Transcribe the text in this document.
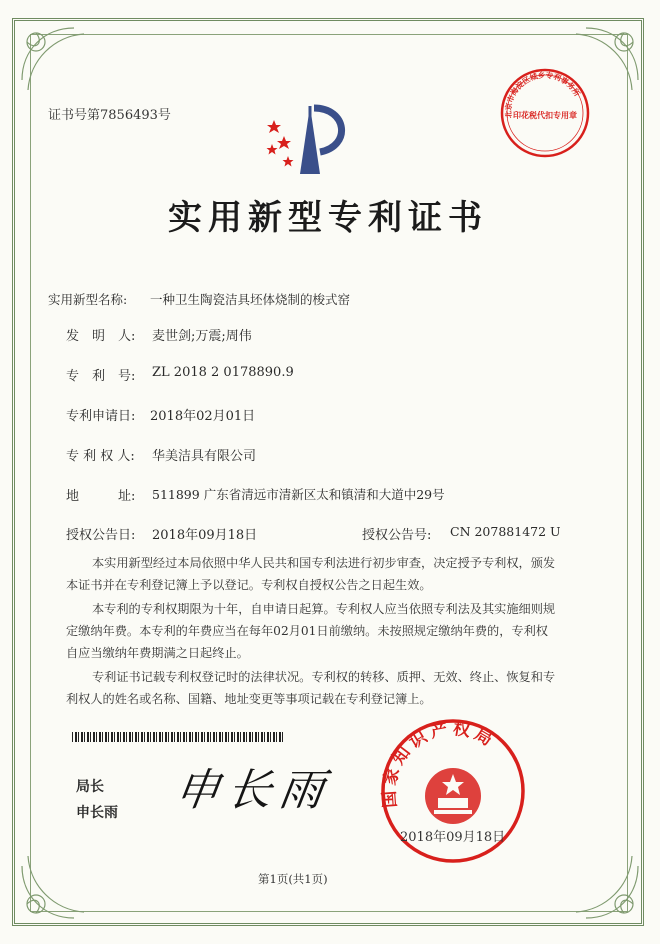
证书号第7856493号	北京市海淀区城乡专利事务所
印花税代扣专用章
实用新型专利证书
实用新型名称: 一种卫生陶瓷洁具坯体烧制的梭式窑
发　明　人: 麦世剑;万震;周伟
专　利　号: ZL 2018 2 0178890.9
专利申请日: 2018年02月01日
专 利 权 人: 华美洁具有限公司
地　　　址: 511899 广东省清远市清新区太和镇清和大道中29号
授权公告日: 2018年09月18日	授权公告号: CN 207881472 U
本实用新型经过本局依照中华人民共和国专利法进行初步审查，决定授予专利权，颁发
本证书并在专利登记簿上予以登记。专利权自授权公告之日起生效。
本专利的专利权期限为十年，自申请日起算。专利权人应当依照专利法及其实施细则规
定缴纳年费。本专利的年费应当在每年02月01日前缴纳。未按照规定缴纳年费的，专利权
自应当缴纳年费期满之日起终止。
专利证书记载专利权登记时的法律状况。专利权的转移、质押、无效、终止、恢复和专
利权人的姓名或名称、国籍、地址变更等事项记载在专利登记簿上。
局长
申长雨 申长雨	国家知识产权局
2018年09月18日
第1页(共1页)
